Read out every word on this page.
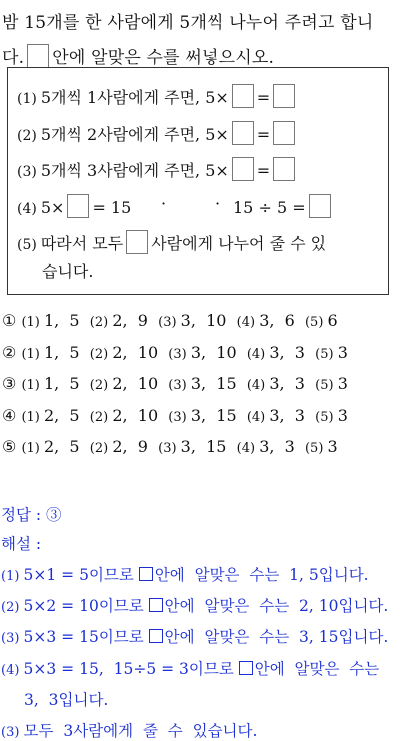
밤 15개를 한 사람에게 5개씩 나누어 주려고 합니
다. 안에 알맞은 수를 써넣으시오.
(1) 5개씩 1사람에게 주면, 5× =
(2) 5개씩 2사람에게 주면, 5× =
(3) 5개씩 3사람에게 주면, 5× =
(4) 5× = 15 ·	· 15 ÷ 5 =
(5) 따라서 모두 사람에게 나누어 줄 수 있
습니다.
① (1) 1,  5  (2) 2,  9  (3) 3,  10  (4) 3,  6  (5) 6
② (1) 1,  5  (2) 2,  10  (3) 3,  10  (4) 3,  3  (5) 3
③ (1) 1,  5  (2) 2,  10  (3) 3,  15  (4) 3,  3  (5) 3
④ (1) 2,  5  (2) 2,  10  (3) 3,  15  (4) 3,  3  (5) 3
⑤ (1) 2,  5  (2) 2,  9  (3) 3,  15  (4) 3,  3  (5) 3
정답 : ③
해설 :
(1) 5×1 = 5이므로 안에  알맞은  수는  1, 5입니다.
(2) 5×2 = 10이므로 안에  알맞은  수는  2, 10입니다.
(3) 5×3 = 15이므로 안에  알맞은  수는  3, 15입니다.
(4) 5×3 = 15,  15÷5 = 3이므로 안에  알맞은  수는
3,  3입니다.
(3) 모두  3사람에게  줄  수  있습니다.
